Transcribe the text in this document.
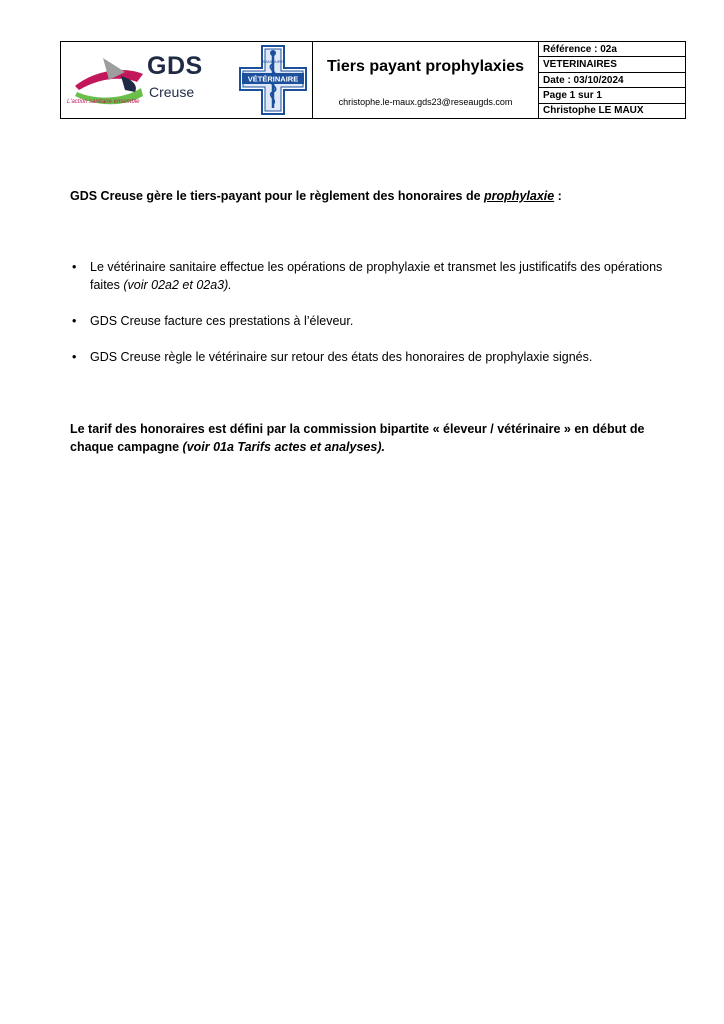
GDS
Creuse
L'action sanitaire ensemble
VÉTÉRINAIRE
SANITAIRE	Tiers payant prophylaxies
christophe.le-maux.gds23@reseaugds.com
Référence : 02a
VETERINAIRES
Date : 03/10/2024
Page 1 sur 1
Christophe LE MAUX

GDS Creuse gère le tiers-payant pour le règlement des honoraires de prophylaxie :

• Le vétérinaire sanitaire effectue les opérations de prophylaxie et transmet les justificatifs des opérations faites (voir 02a2 et 02a3).
• GDS Creuse facture ces prestations à l’éleveur.
• GDS Creuse règle le vétérinaire sur retour des états des honoraires de prophylaxie signés.

Le tarif des honoraires est défini par la commission bipartite « éleveur / vétérinaire » en début de chaque campagne (voir 01a Tarifs actes et analyses).
